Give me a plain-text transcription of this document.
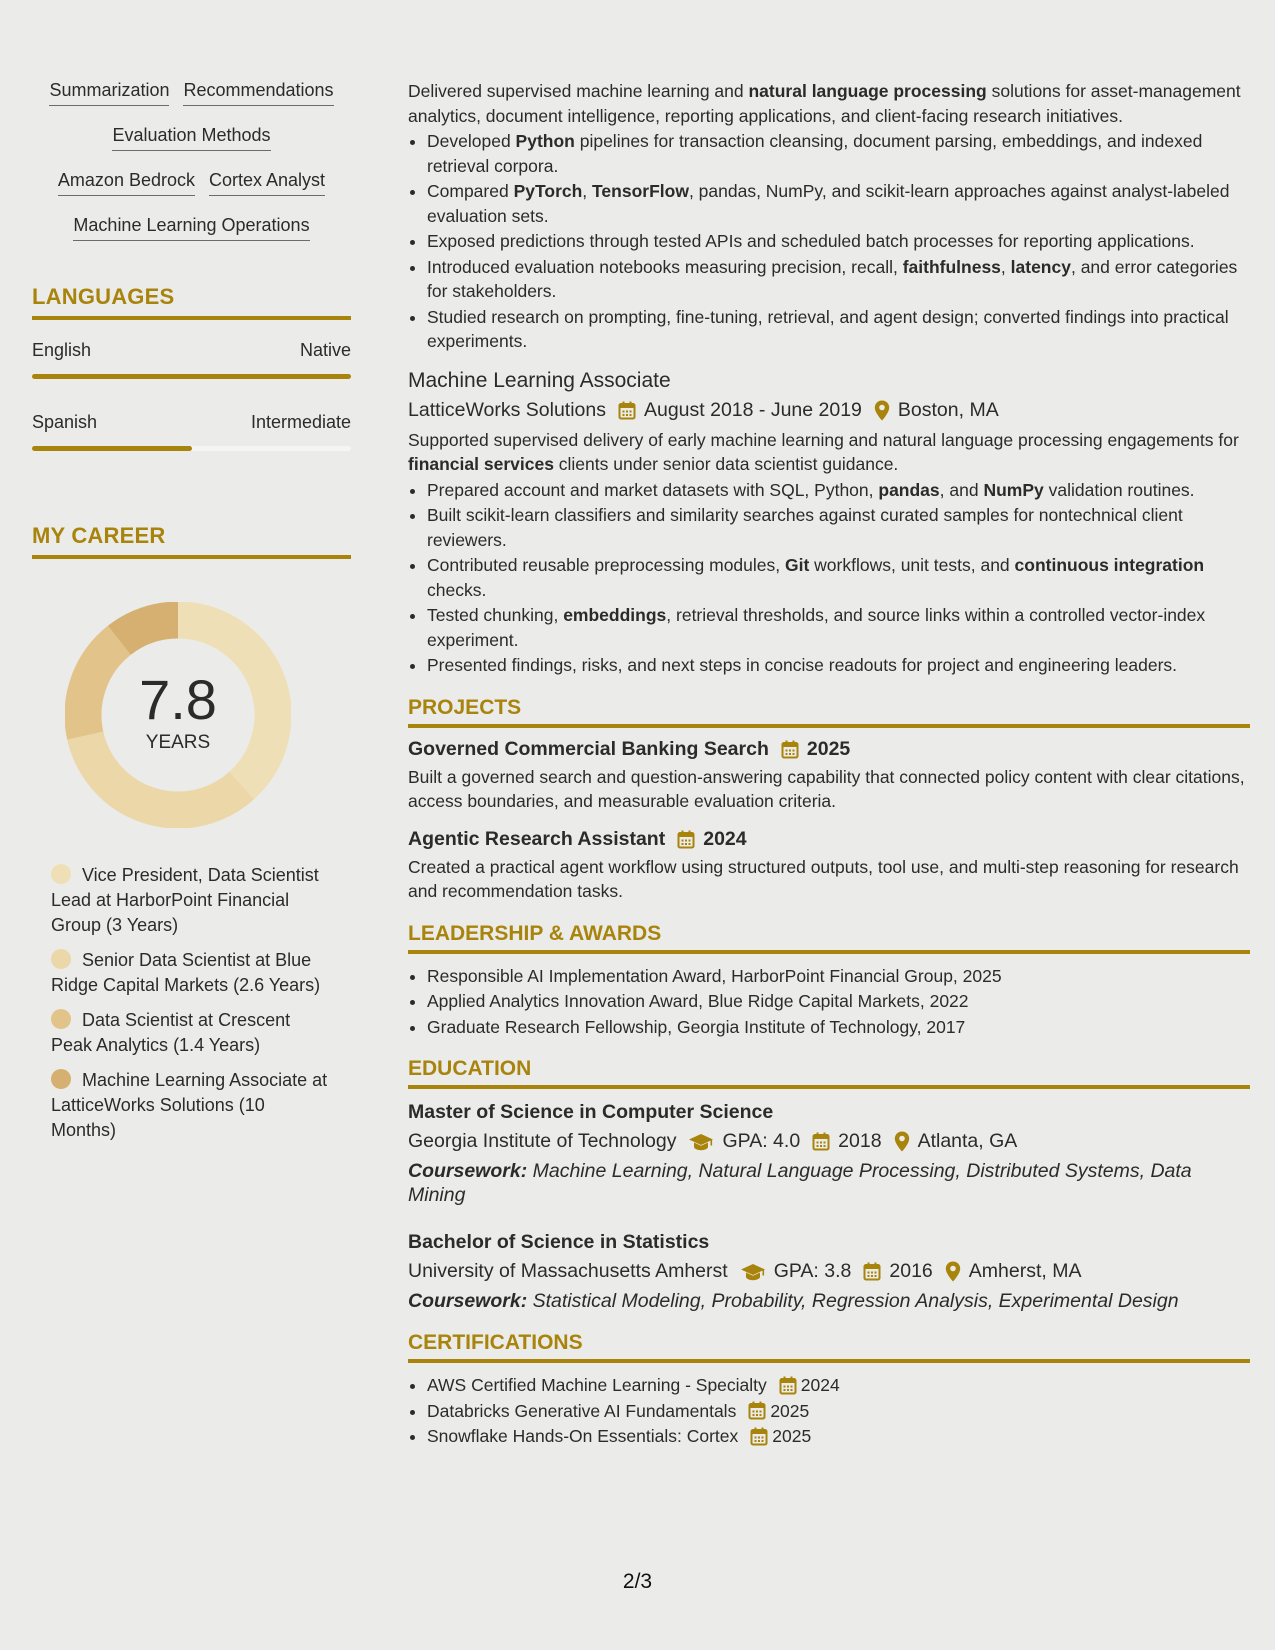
Summarization Recommendations
Evaluation Methods
Amazon Bedrock Cortex Analyst
Machine Learning Operations
LANGUAGES
English	Native
Spanish	Intermediate
MY CAREER
7.8
YEARS
Vice President, Data Scientist Lead at HarborPoint Financial Group (3 Years)
Senior Data Scientist at Blue Ridge Capital Markets (2.6 Years)
Data Scientist at Crescent Peak Analytics (1.4 Years)
Machine Learning Associate at LatticeWorks Solutions (10 Months)

Delivered supervised machine learning and natural language processing solutions for asset-management analytics, document intelligence, reporting applications, and client-facing research initiatives.

• Developed Python pipelines for transaction cleansing, document parsing, embeddings, and indexed retrieval corpora.
• Compared PyTorch, TensorFlow, pandas, NumPy, and scikit-learn approaches against analyst-labeled evaluation sets.
• Exposed predictions through tested APIs and scheduled batch processes for reporting applications.
• Introduced evaluation notebooks measuring precision, recall, faithfulness, latency, and error categories for stakeholders.
• Studied research on prompting, fine-tuning, retrieval, and agent design; converted findings into practical experiments.
Machine Learning Associate
LatticeWorks Solutions August 2018 - June 2019 Boston, MA

Supported supervised delivery of early machine learning and natural language processing engagements for financial services clients under senior data scientist guidance.

• Prepared account and market datasets with SQL, Python, pandas, and NumPy validation routines.
• Built scikit-learn classifiers and similarity searches against curated samples for nontechnical client reviewers.
• Contributed reusable preprocessing modules, Git workflows, unit tests, and continuous integration checks.
• Tested chunking, embeddings, retrieval thresholds, and source links within a controlled vector-index experiment.
• Presented findings, risks, and next steps in concise readouts for project and engineering leaders.
PROJECTS
Governed Commercial Banking Search 2025

Built a governed search and question-answering capability that connected policy content with clear citations, access boundaries, and measurable evaluation criteria.

Agentic Research Assistant 2024

Created a practical agent workflow using structured outputs, tool use, and multi-step reasoning for research and recommendation tasks.

LEADERSHIP & AWARDS
• Responsible AI Implementation Award, HarborPoint Financial Group, 2025
• Applied Analytics Innovation Award, Blue Ridge Capital Markets, 2022
• Graduate Research Fellowship, Georgia Institute of Technology, 2017
EDUCATION
Master of Science in Computer Science
Georgia Institute of Technology GPA: 4.0 2018 Atlanta, GA
Coursework: Machine Learning, Natural Language Processing, Distributed Systems, Data Mining
Bachelor of Science in Statistics
University of Massachusetts Amherst GPA: 3.8 2016 Amherst, MA
Coursework: Statistical Modeling, Probability, Regression Analysis, Experimental Design
CERTIFICATIONS
• AWS Certified Machine Learning - Specialty 2024
• Databricks Generative AI Fundamentals 2025
• Snowflake Hands-On Essentials: Cortex 2025
2/3
